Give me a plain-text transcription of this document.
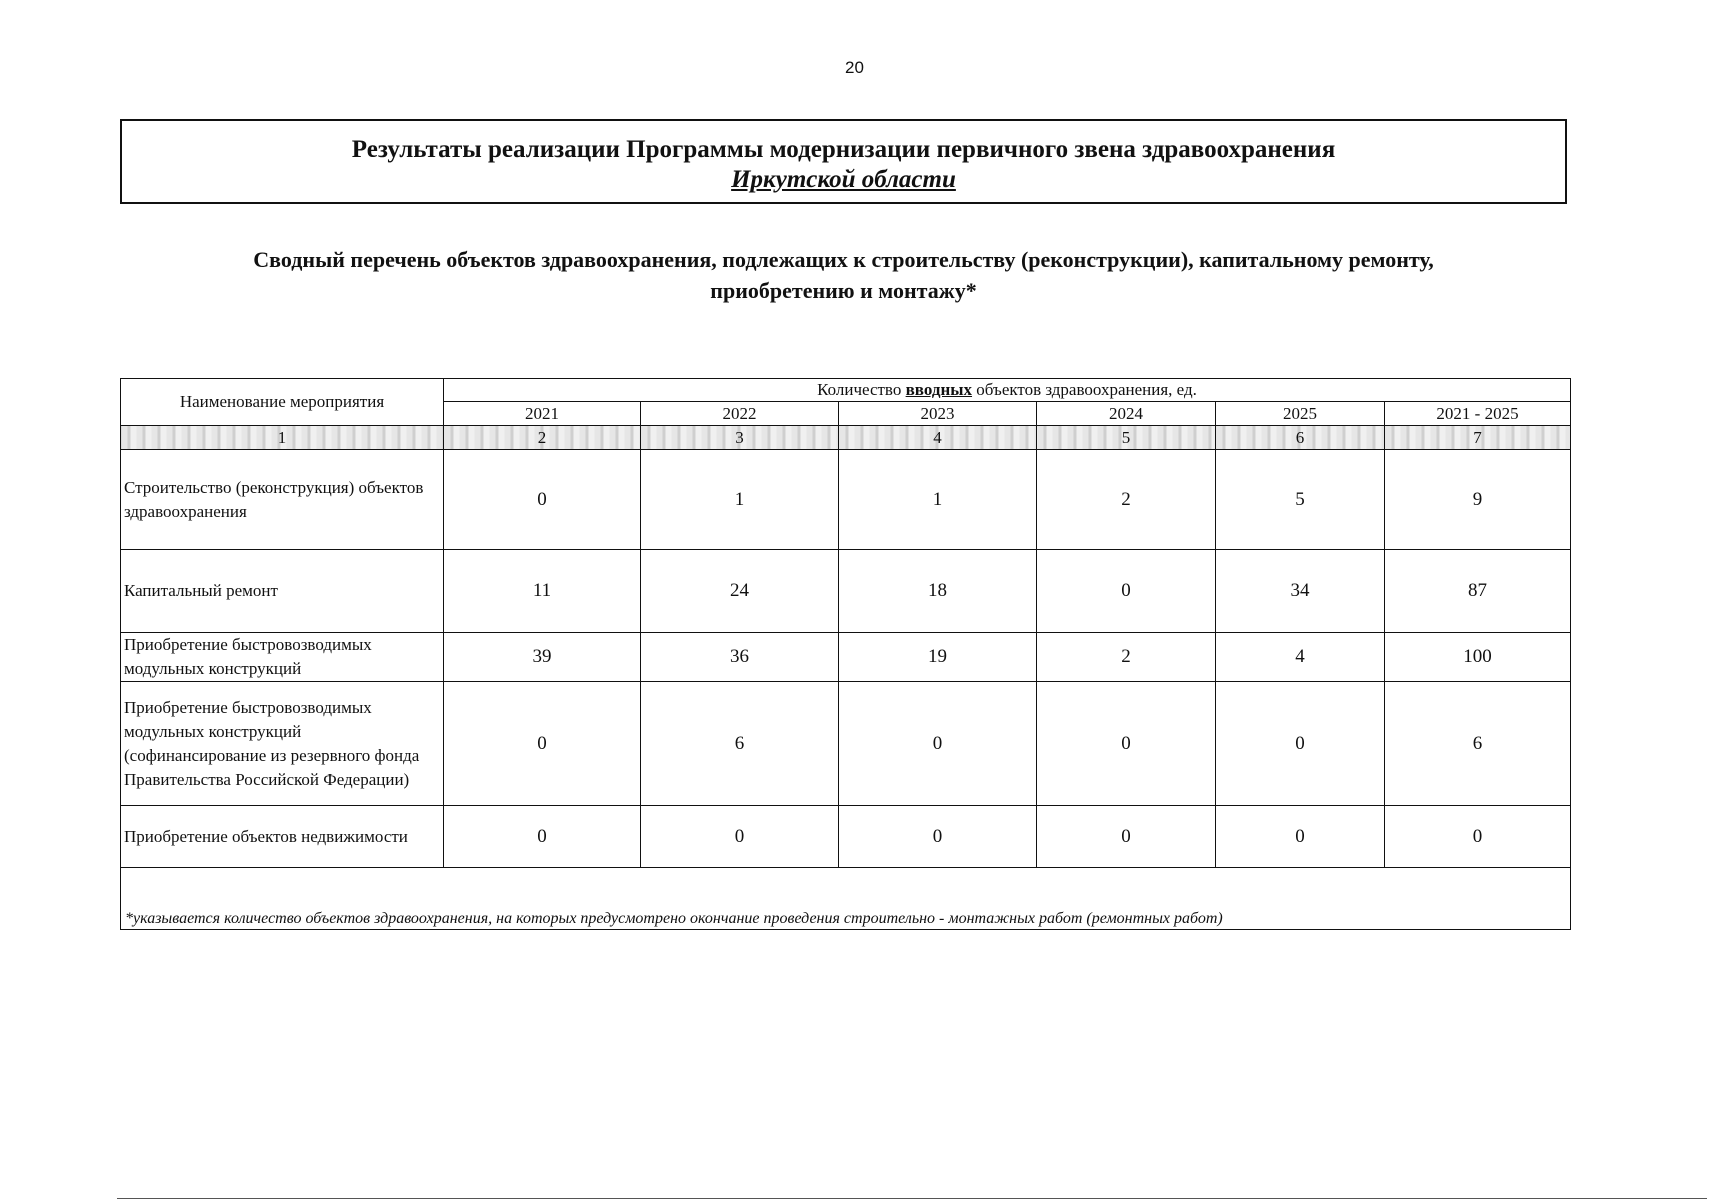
20
Результаты реализации Программы модернизации первичного звена здравоохранения
Иркутской области
Сводный перечень объектов здравоохранения, подлежащих к строительству (реконструкции), капитальному ремонту,
приобретению и монтажу*
Наименование мероприятия	Количество вводных объектов здравоохранения, ед.					
	2021	2022	2023	2024	2025	2021 - 2025
1	2	3	4	5	6	7
Строительство (реконструкция) объектов здравоохранения	0	1	1	2	5	9
Капитальный ремонт	11	24	18	0	34	87
Приобретение быстровозводимых модульных конструкций	39	36	19	2	4	100
Приобретение быстровозводимых модульных конструкций (софинансирование из резервного фонда Правительства Российской Федерации)	0	6	0	0	0	6
Приобретение объектов недвижимости	0	0	0	0	0	0
*указывается количество объектов здравоохранения, на которых предусмотрено окончание проведения строительно - монтажных работ (ремонтных работ)						
